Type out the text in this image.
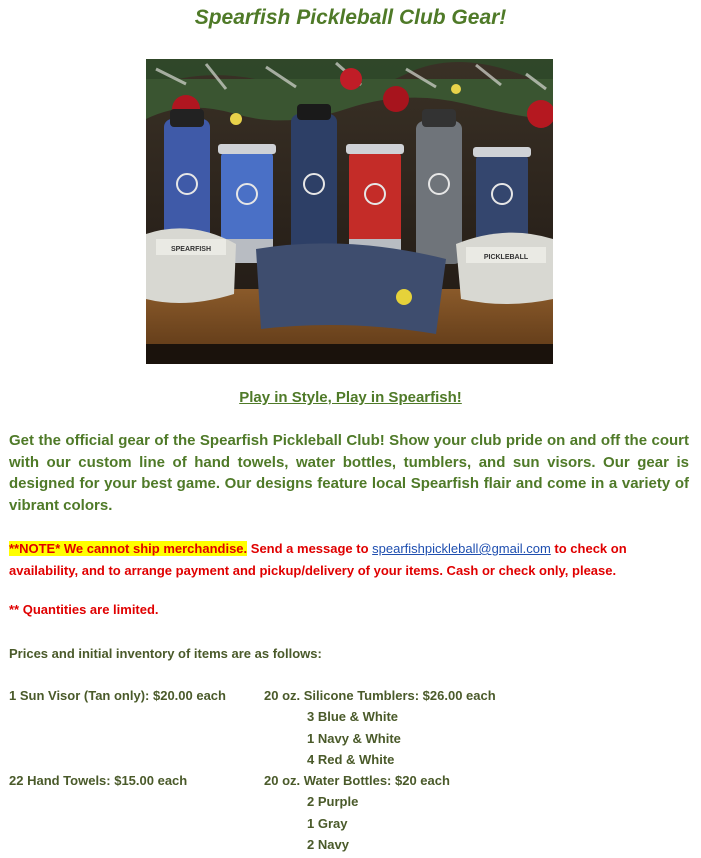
Spearfish Pickleball Club Gear!
SPEARFISH
PICKLEBALL
Play in Style, Play in Spearfish!
Get the official gear of the Spearfish Pickleball Club! Show your club pride on and off the court with our custom line of hand towels, water bottles, tumblers, and sun visors. Our gear is designed for your best game. Our designs feature local Spearfish flair and come in a variety of vibrant colors.
**NOTE* We cannot ship merchandise. Send a message to spearfishpickleball@gmail.com to check on availability, and to arrange payment and pickup/delivery of your items. Cash or check only, please.
** Quantities are limited.
Prices and initial inventory of items are as follows:
1 Sun Visor (Tan only): $20.00 each	20 oz. Silicone Tumblers: $26.00 each
3 Blue & White
1 Navy & White
4 Red & White
22 Hand Towels: $15.00 each	20 oz. Water Bottles: $20 each
2 Purple
1 Gray
2 Navy
